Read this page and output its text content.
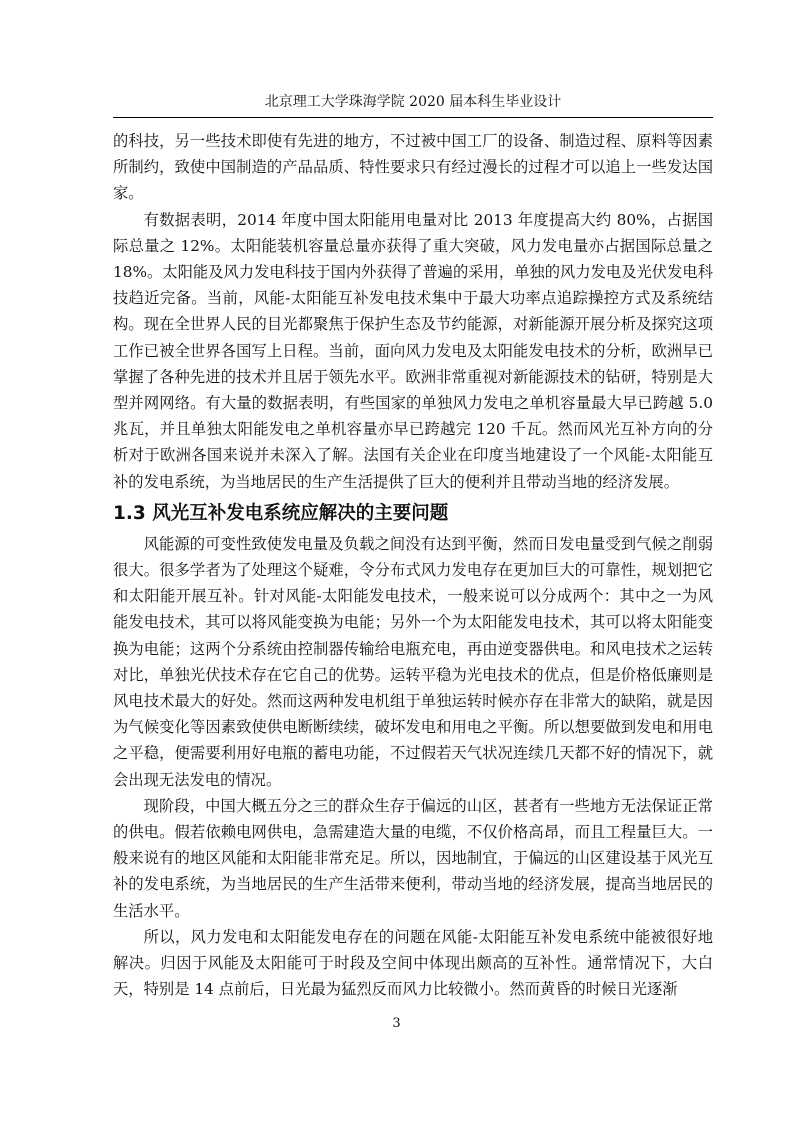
北京理工大学珠海学院 2020 届本科生毕业设计

的科技，另一些技术即使有先进的地方，不过被中国工厂的设备、制造过程、原料等因素所制约，致使中国制造的产品品质、特性要求只有经过漫长的过程才可以追上一些发达国家。

有数据表明，2014 年度中国太阳能用电量对比 2013 年度提高大约 80%，占据国际总量之 12%。太阳能装机容量总量亦获得了重大突破，风力发电量亦占据国际总量之 18%。太阳能及风力发电科技于国内外获得了普遍的采用，单独的风力发电及光伏发电科技趋近完备。当前，风能-太阳能互补发电技术集中于最大功率点追踪操控方式及系统结构。现在全世界人民的目光都聚焦于保护生态及节约能源，对新能源开展分析及探究这项工作已被全世界各国写上日程。当前，面向风力发电及太阳能发电技术的分析，欧洲早已掌握了各种先进的技术并且居于领先水平。欧洲非常重视对新能源技术的钻研，特别是大型并网网络。有大量的数据表明，有些国家的单独风力发电之单机容量最大早已跨越 5.0 兆瓦，并且单独太阳能发电之单机容量亦早已跨越完 120 千瓦。然而风光互补方向的分析对于欧洲各国来说并未深入了解。法国有关企业在印度当地建设了一个风能-太阳能互补的发电系统，为当地居民的生产生活提供了巨大的便利并且带动当地的经济发展。

1.3 风光互补发电系统应解决的主要问题

风能源的可变性致使发电量及负载之间没有达到平衡，然而日发电量受到气候之削弱很大。很多学者为了处理这个疑难，令分布式风力发电存在更加巨大的可靠性，规划把它和太阳能开展互补。针对风能-太阳能发电技术，一般来说可以分成两个：其中之一为风能发电技术，其可以将风能变换为电能；另外一个为太阳能发电技术，其可以将太阳能变换为电能；这两个分系统由控制器传输给电瓶充电，再由逆变器供电。和风电技术之运转对比，单独光伏技术存在它自己的优势。运转平稳为光电技术的优点，但是价格低廉则是风电技术最大的好处。然而这两种发电机组于单独运转时候亦存在非常大的缺陷，就是因为气候变化等因素致使供电断断续续，破坏发电和用电之平衡。所以想要做到发电和用电之平稳，便需要利用好电瓶的蓄电功能，不过假若天气状况连续几天都不好的情况下，就会出现无法发电的情况。

现阶段，中国大概五分之三的群众生存于偏远的山区，甚者有一些地方无法保证正常的供电。假若依赖电网供电，急需建造大量的电缆，不仅价格高昂，而且工程量巨大。一般来说有的地区风能和太阳能非常充足。所以，因地制宜，于偏远的山区建设基于风光互补的发电系统，为当地居民的生产生活带来便利，带动当地的经济发展，提高当地居民的生活水平。

所以，风力发电和太阳能发电存在的问题在风能-太阳能互补发电系统中能被很好地解决。归因于风能及太阳能可于时段及空间中体现出颇高的互补性。通常情况下，大白天，特别是 14 点前后，日光最为猛烈反而风力比较微小。然而黄昏的时候日光逐渐

3
